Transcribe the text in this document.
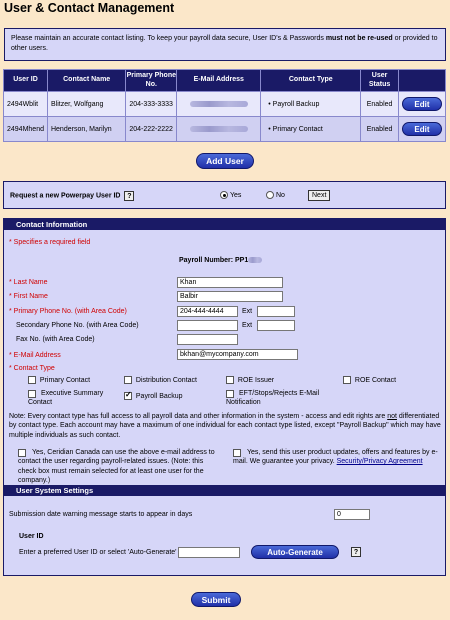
User & Contact Management
Please maintain an accurate contact listing. To keep your payroll data secure, User ID's & Passwords must not be re-used or provided to other users.
User ID	Contact Name	Primary Phone No.	E-Mail Address	Contact Type	User Status	
2494Wblit	Blitzer, Wolfgang	204-333-3333		• Payroll Backup	Enabled	Edit
2494Mhend	Henderson, Marilyn	204-222-2222		• Primary Contact	Enabled	Edit
Add User
Request a new Powerpay User ID ?	Yes	No	Next
Contact Information
* Specifies a required field
Payroll Number: PP1
* Last Name	Khan
* First Name	Balbir
* Primary Phone No. (with Area Code)	204-444-4444	Ext
Secondary Phone No. (with Area Code)	Ext
Fax No. (with Area Code)
* E-Mail Address	bkhan@mycompany.com
* Contact Type
Primary Contact	Distribution Contact	ROE Issuer	ROE Contact
Executive Summary Contact
✓  Payroll Backup	EFT/Stops/Rejects E-Mail Notification
Note: Every contact type has full access to all payroll data and other information in the system - access and edit rights are not differentiated by contact type. Each account may have a maximum of one individual for each contact type listed, except "Payroll Backup" which may have multiple individuals as such contact.
Yes, Ceridian Canada can use the above e-mail address to contact the user regarding payroll-related issues. (Note: this check box must remain selected for at least one user for the company.)
Yes, send this user product updates, offers and features by e-mail. We guarantee your privacy. Security/Privacy Agreement
User System Settings
Submission date warning message starts to appear in days	0
User ID
Enter a preferred User ID or select 'Auto-Generate'	Auto-Generate	?
Submit
